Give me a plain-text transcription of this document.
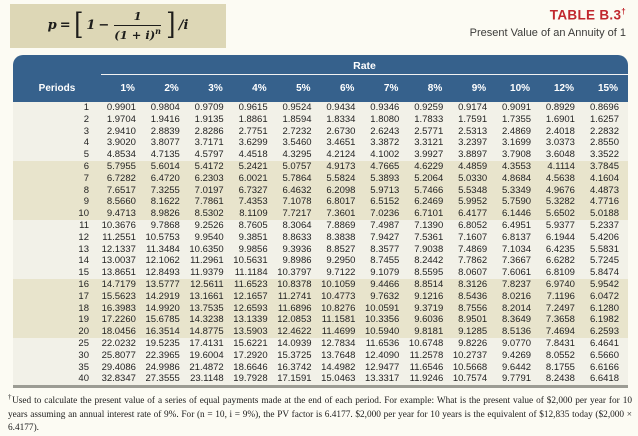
p = [ $1 - \frac{1}{(1 + i)^n}$ ] /i
TABLE B.3†
Present Value of an Annuity of 1
	Rate											
Periods	1%	2%	3%	4%	5%	6%	7%	8%	9%	10%	12%	15%
1	0.9901	0.9804	0.9709	0.9615	0.9524	0.9434	0.9346	0.9259	0.9174	0.9091	0.8929	0.8696
2	1.9704	1.9416	1.9135	1.8861	1.8594	1.8334	1.8080	1.7833	1.7591	1.7355	1.6901	1.6257
3	2.9410	2.8839	2.8286	2.7751	2.7232	2.6730	2.6243	2.5771	2.5313	2.4869	2.4018	2.2832
4	3.9020	3.8077	3.7171	3.6299	3.5460	3.4651	3.3872	3.3121	3.2397	3.1699	3.0373	2.8550
5	4.8534	4.7135	4.5797	4.4518	4.3295	4.2124	4.1002	3.9927	3.8897	3.7908	3.6048	3.3522
6	5.7955	5.6014	5.4172	5.2421	5.0757	4.9173	4.7665	4.6229	4.4859	4.3553	4.1114	3.7845
7	6.7282	6.4720	6.2303	6.0021	5.7864	5.5824	5.3893	5.2064	5.0330	4.8684	4.5638	4.1604
8	7.6517	7.3255	7.0197	6.7327	6.4632	6.2098	5.9713	5.7466	5.5348	5.3349	4.9676	4.4873
9	8.5660	8.1622	7.7861	7.4353	7.1078	6.8017	6.5152	6.2469	5.9952	5.7590	5.3282	4.7716
10	9.4713	8.9826	8.5302	8.1109	7.7217	7.3601	7.0236	6.7101	6.4177	6.1446	5.6502	5.0188
11	10.3676	9.7868	9.2526	8.7605	8.3064	7.8869	7.4987	7.1390	6.8052	6.4951	5.9377	5.2337
12	11.2551	10.5753	9.9540	9.3851	8.8633	8.3838	7.9427	7.5361	7.1607	6.8137	6.1944	5.4206
13	12.1337	11.3484	10.6350	9.9856	9.3936	8.8527	8.3577	7.9038	7.4869	7.1034	6.4235	5.5831
14	13.0037	12.1062	11.2961	10.5631	9.8986	9.2950	8.7455	8.2442	7.7862	7.3667	6.6282	5.7245
15	13.8651	12.8493	11.9379	11.1184	10.3797	9.7122	9.1079	8.5595	8.0607	7.6061	6.8109	5.8474
16	14.7179	13.5777	12.5611	11.6523	10.8378	10.1059	9.4466	8.8514	8.3126	7.8237	6.9740	5.9542
17	15.5623	14.2919	13.1661	12.1657	11.2741	10.4773	9.7632	9.1216	8.5436	8.0216	7.1196	6.0472
18	16.3983	14.9920	13.7535	12.6593	11.6896	10.8276	10.0591	9.3719	8.7556	8.2014	7.2497	6.1280
19	17.2260	15.6785	14.3238	13.1339	12.0853	11.1581	10.3356	9.6036	8.9501	8.3649	7.3658	6.1982
20	18.0456	16.3514	14.8775	13.5903	12.4622	11.4699	10.5940	9.8181	9.1285	8.5136	7.4694	6.2593
25	22.0232	19.5235	17.4131	15.6221	14.0939	12.7834	11.6536	10.6748	9.8226	9.0770	7.8431	6.4641
30	25.8077	22.3965	19.6004	17.2920	15.3725	13.7648	12.4090	11.2578	10.2737	9.4269	8.0552	6.5660
35	29.4086	24.9986	21.4872	18.6646	16.3742	14.4982	12.9477	11.6546	10.5668	9.6442	8.1755	6.6166
40	32.8347	27.3555	23.1148	19.7928	17.1591	15.0463	13.3317	11.9246	10.7574	9.7791	8.2438	6.6418
†Used to calculate the present value of a series of equal payments made at the end of each period. For example: What is the present value of $2,000 per year for 10 years assuming an annual interest rate of 9%. For (n = 10, i = 9%), the PV factor is 6.4177. $2,000 per year for 10 years is the equivalent of $12,835 today ($2,000 × 6.4177).
